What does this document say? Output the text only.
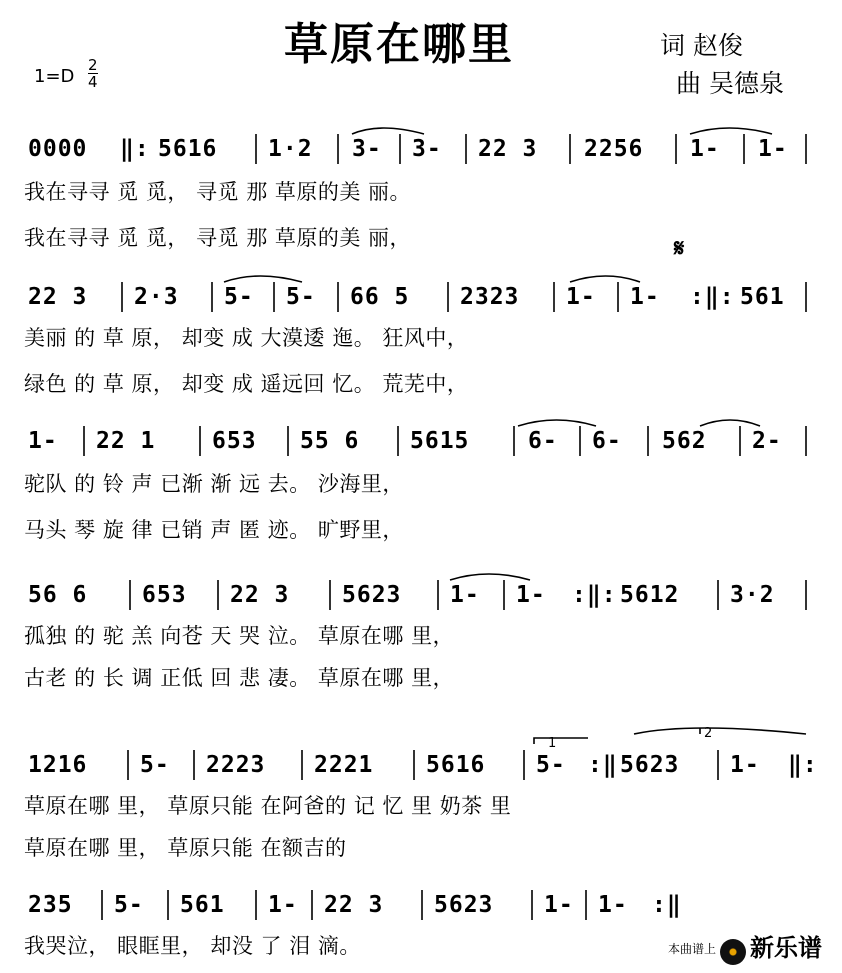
草原在哪里	词 赵俊
曲 吴德泉
1=D
2
4
0000 ‖: 5616 1·2 3- 3- 22 3 2256 1- 1-
我在寻寻 觅 觅， 寻觅 那 草原的美 丽。
我在寻寻 觅 觅， 寻觅 那 草原的美 丽，	𝄋
22 3 2·3 5- 5- 66 5 2323 1- 1- :‖: 561
美丽 的 草 原， 却变 成 大漠逶 迤。 狂风中，
绿色 的 草 原， 却变 成 遥远回 忆。 荒芜中，
1- 22 1 653 55 6 5615	6- 6- 562 2-
驼队 的 铃 声 已渐 渐 远 去。 沙海里，
马头 琴 旋 律 已销 声 匿 迹。 旷野里，
56 6 653 22 3 5623 1- 1- :‖: 5612 3·2
孤独 的 驼 羔 向苍 天 哭 泣。 草原在哪 里，
古老 的 长 调 正低 回 悲 凄。 草原在哪 里，
1
2
1216 5- 2223 2221 5616 5- :‖ 5623 1- ‖:
草原在哪 里， 草原只能 在阿爸的 记 忆 里 奶茶 里
草原在哪 里， 草原只能 在额吉的
235 5- 561 1- 22 3 5623 1- 1- :‖
我哭泣， 眼眶里， 却没 了 泪 滴。	本曲谱上 新乐谱
